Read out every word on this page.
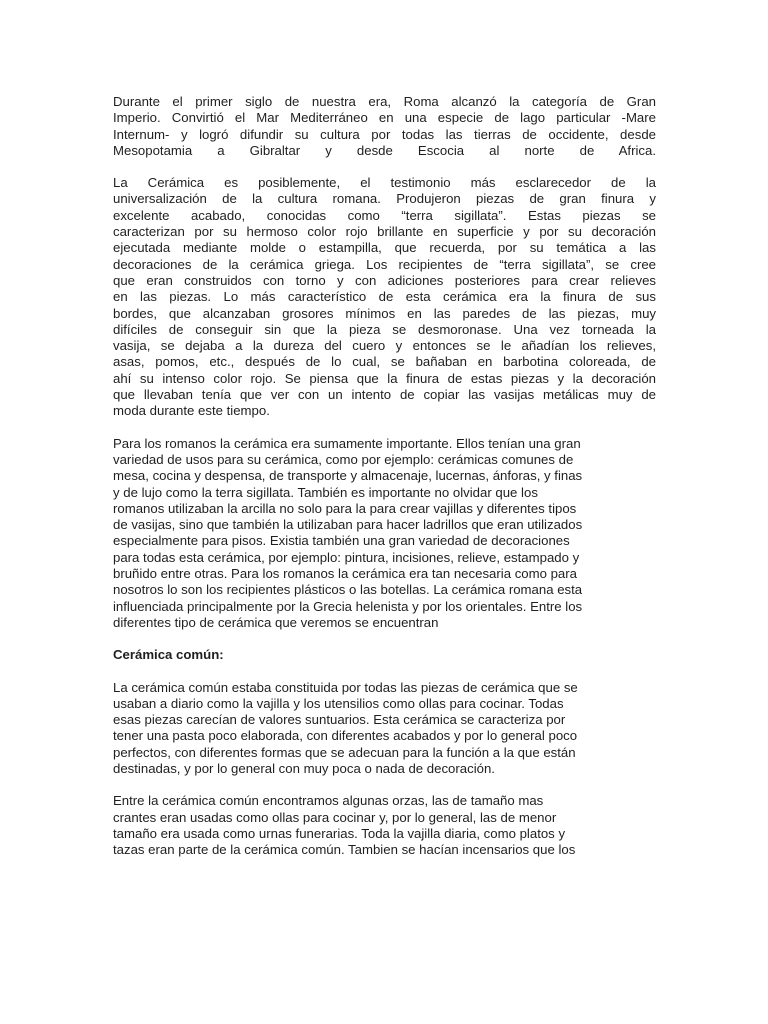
Durante el primer siglo de nuestra era, Roma alcanzó la categoría de Gran
Imperio. Convirtió el Mar Mediterráneo en una especie de lago particular -Mare
Internum- y logró difundir su cultura por todas las tierras de occidente, desde
Mesopotamia a Gibraltar y desde Escocia al norte de Africa.
La Cerámica es posiblemente, el testimonio más esclarecedor de la
universalización de la cultura romana. Produjeron piezas de gran finura y
excelente acabado, conocidas como “terra sigillata”. Estas piezas se
caracterizan por su hermoso color rojo brillante en superficie y por su decoración
ejecutada mediante molde o estampilla, que recuerda, por su temática a las
decoraciones de la cerámica griega. Los recipientes de “terra sigillata”, se cree
que eran construidos con torno y con adiciones posteriores para crear relieves
en las piezas. Lo más característico de esta cerámica era la finura de sus
bordes, que alcanzaban grosores mínimos en las paredes de las piezas, muy
difíciles de conseguir sin que la pieza se desmoronase. Una vez torneada la
vasija, se dejaba a la dureza del cuero y entonces se le añadían los relieves,
asas, pomos, etc., después de lo cual, se bañaban en barbotina coloreada, de
ahí su intenso color rojo. Se piensa que la finura de estas piezas y la decoración
que llevaban tenía que ver con un intento de copiar las vasijas metálicas muy de
moda durante este tiempo.
Para los romanos la cerámica era sumamente importante. Ellos tenían una gran
variedad de usos para su cerámica, como por ejemplo: cerámicas comunes de
mesa, cocina y despensa, de transporte y almacenaje, lucernas, ánforas, y finas
y de lujo como la terra sigillata. También es importante no olvidar que los
romanos utilizaban la arcilla no solo para la para crear vajillas y diferentes tipos
de vasijas, sino que también la utilizaban para hacer ladrillos que eran utilizados
especialmente para pisos. Existia también una gran variedad de decoraciones
para todas esta cerámica, por ejemplo: pintura, incisiones, relieve, estampado y
bruñido entre otras. Para los romanos la cerámica era tan necesaria como para
nosotros lo son los recipientes plásticos o las botellas. La cerámica romana esta
influenciada principalmente por la Grecia helenista y por los orientales. Entre los
diferentes tipo de cerámica que veremos se encuentran
Cerámica común:
La cerámica común estaba constituida por todas las piezas de cerámica que se
usaban a diario como la vajilla y los utensilios como ollas para cocinar. Todas
esas piezas carecían de valores suntuarios. Esta cerámica se caracteriza por
tener una pasta poco elaborada, con diferentes acabados y por lo general poco
perfectos, con diferentes formas que se adecuan para la función a la que están
destinadas, y por lo general con muy poca o nada de decoración.
Entre la cerámica común encontramos algunas orzas, las de tamaño mas
crantes eran usadas como ollas para cocinar y, por lo general, las de menor
tamaño era usada como urnas funerarias. Toda la vajilla diaria, como platos y
tazas eran parte de la cerámica común. Tambien se hacían incensarios que los
